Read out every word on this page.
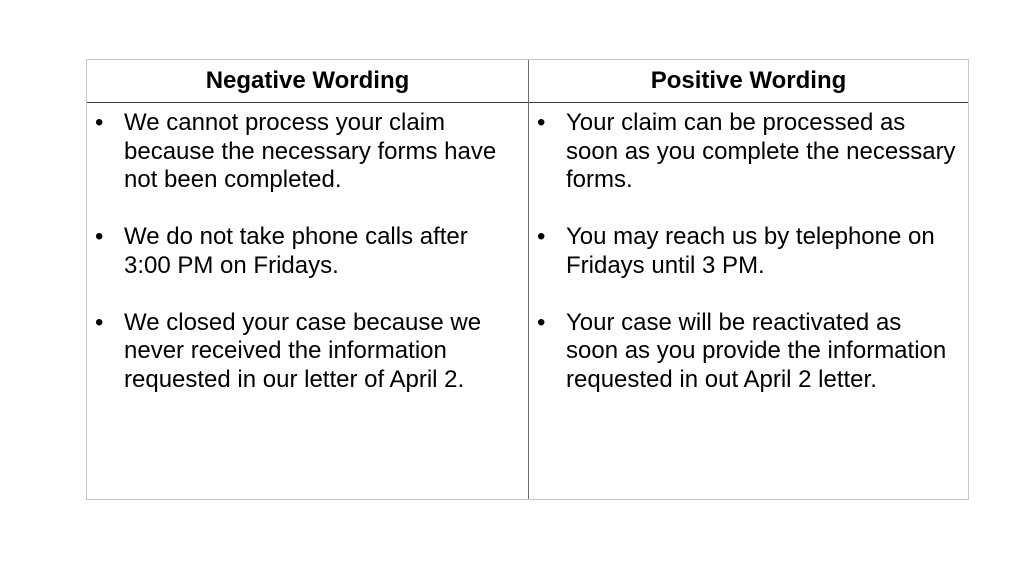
Negative Wording
• We cannot process your claim because the necessary forms have not been completed.
• We do not take phone calls after 3:00 PM on Fridays.
• We closed your case because we never received the information requested in our letter of April 2.
Positive Wording
• Your claim can be processed as soon as you complete the necessary forms.
• You may reach us by telephone on Fridays until 3 PM.
• Your case will be reactivated as soon as you provide the information requested in out April 2 letter.
